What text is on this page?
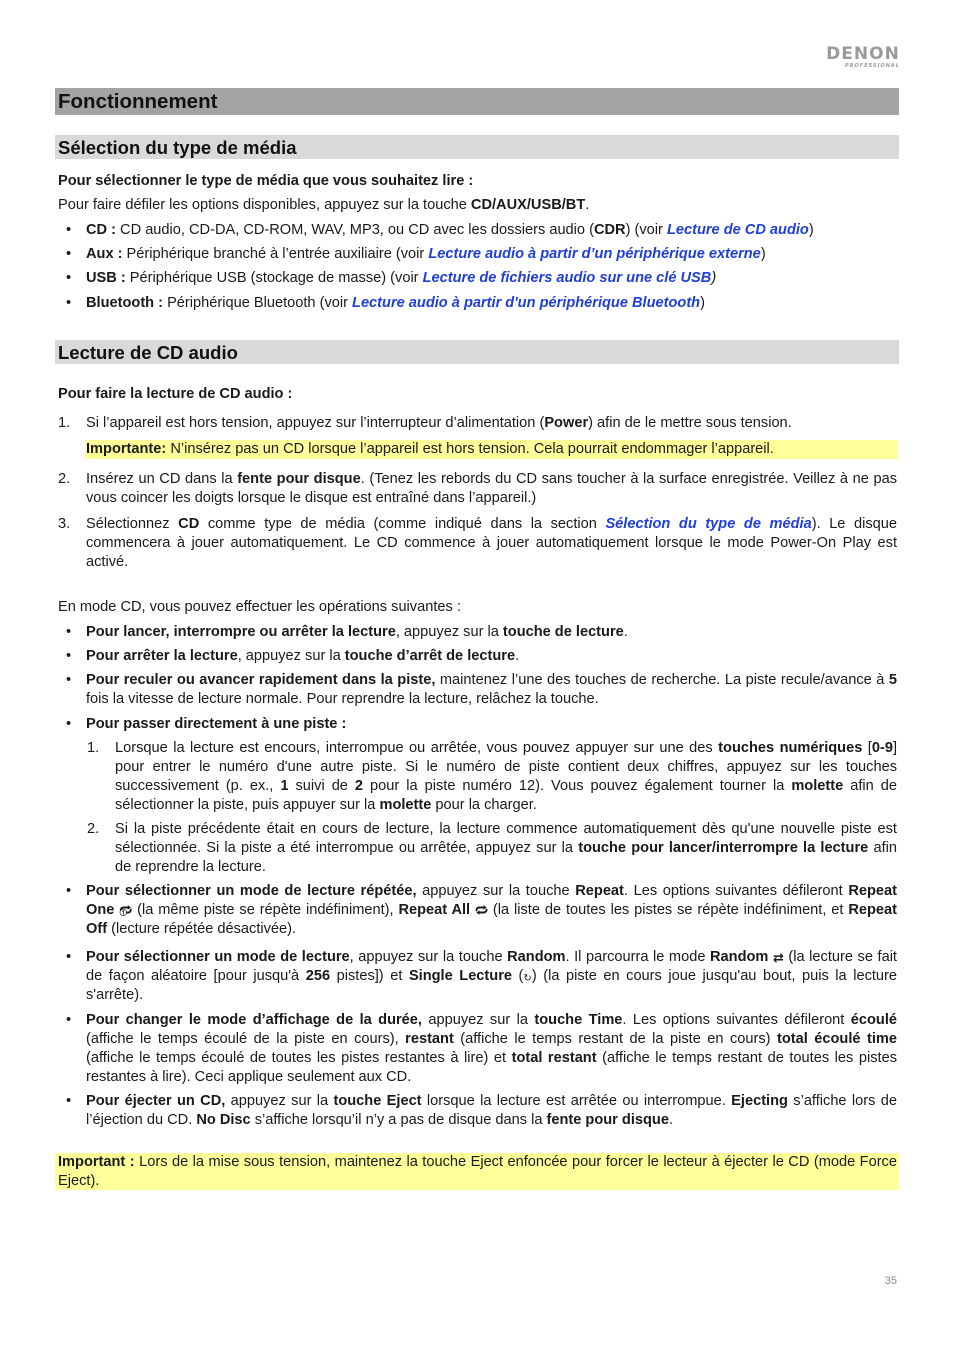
DENON
PROFESSIONAL
Fonctionnement
Sélection du type de média
Pour sélectionner le type de média que vous souhaitez lire :
Pour faire défiler les options disponibles, appuyez sur la touche CD/AUX/USB/BT.
•	CD : CD audio, CD-DA, CD-ROM, WAV, MP3, ou CD avec les dossiers audio (CDR) (voir Lecture de CD audio)
•	Aux : Périphérique branché à l’entrée auxiliaire (voir Lecture audio à partir d’un périphérique externe)
•	USB : Périphérique USB (stockage de masse) (voir Lecture de fichiers audio sur une clé USB)
•	Bluetooth : Périphérique Bluetooth (voir Lecture audio à partir d'un périphérique Bluetooth)
Lecture de CD audio
Pour faire la lecture de CD audio :
1.	Si l’appareil est hors tension, appuyez sur l’interrupteur d’alimentation (Power) afin de le mettre sous tension.
Importante: N’insérez pas un CD lorsque l’appareil est hors tension. Cela pourrait endommager l’appareil.
2.	Insérez un CD dans la fente pour disque. (Tenez les rebords du CD sans toucher à la surface enregistrée. Veillez à ne pas vous coincer les doigts lorsque le disque est entraîné dans l’appareil.)
3.	Sélectionnez CD comme type de média (comme indiqué dans la section Sélection du type de média). Le disque commencera à jouer automatiquement. Le CD commence à jouer automatiquement lorsque le mode Power-On Play est activé.
En mode CD, vous pouvez effectuer les opérations suivantes :
•	Pour lancer, interrompre ou arrêter la lecture, appuyez sur la touche de lecture.
•	Pour arrêter la lecture, appuyez sur la touche d’arrêt de lecture.
•	Pour reculer ou avancer rapidement dans la piste, maintenez l’une des touches de recherche. La piste recule/avance à 5 fois la vitesse de lecture normale. Pour reprendre la lecture, relâchez la touche.
•	Pour passer directement à une piste :
1.	Lorsque la lecture est encours, interrompue ou arrêtée, vous pouvez appuyer sur une des touches numériques [0-9] pour entrer le numéro d'une autre piste. Si le numéro de piste contient deux chiffres, appuyez sur les touches successivement (p. ex., 1 suivi de 2 pour la piste numéro 12). Vous pouvez également tourner la molette afin de sélectionner la piste, puis appuyer sur la molette pour la charger.
2.	Si la piste précédente était en cours de lecture, la lecture commence automatiquement dès qu'une nouvelle piste est sélectionnée. Si la piste a été interrompue ou arrêtée, appuyez sur la touche pour lancer/interrompre la lecture afin de reprendre la lecture.
•	Pour sélectionner un mode de lecture répétée, appuyez sur la touche Repeat. Les options suivantes défileront Repeat One 🔂︎ (la même piste se répète indéfiniment), Repeat All 🔁︎ (la liste de toutes les pistes se répète indéfiniment, et Repeat Off (lecture répétée désactivée).
•	Pour sélectionner un mode de lecture, appuyez sur la touche Random. Il parcourra le mode Random ⇄ (la lecture se fait de façon aléatoire [pour jusqu'à 256 pistes]) et Single Lecture (↻) (la piste en cours joue jusqu'au bout, puis la lecture s'arrête).
•	Pour changer le mode d’affichage de la durée, appuyez sur la touche Time. Les options suivantes défileront écoulé (affiche le temps écoulé de la piste en cours), restant (affiche le temps restant de la piste en cours) total écoulé time (affiche le temps écoulé de toutes les pistes restantes à lire) et total restant (affiche le temps restant de toutes les pistes restantes à lire). Ceci applique seulement aux CD.
•	Pour éjecter un CD, appuyez sur la touche Eject lorsque la lecture est arrêtée ou interrompue. Ejecting s’affiche lors de l’éjection du CD. No Disc s’affiche lorsqu’il n’y a pas de disque dans la fente pour disque.
Important : Lors de la mise sous tension, maintenez la touche Eject enfoncée pour forcer le lecteur à éjecter le CD (mode Force Eject).
35
